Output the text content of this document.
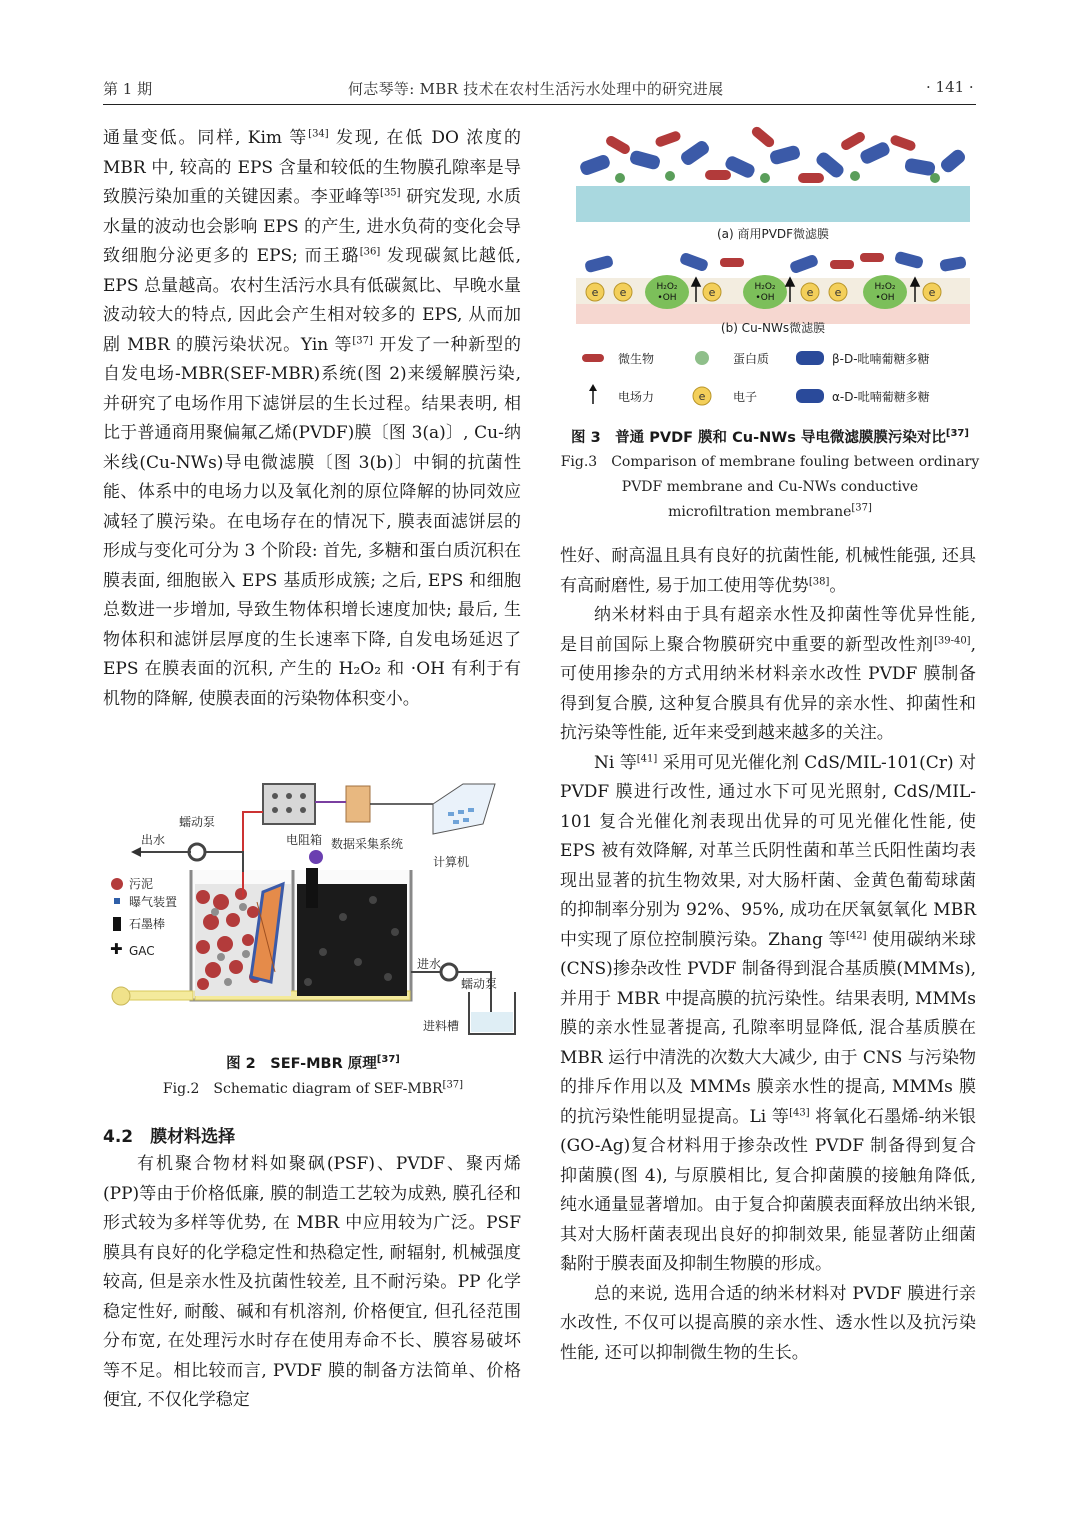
第 1 期	何志琴等: MBR 技术在农村生活污水处理中的研究进展	· 141 ·

通量变低。同样, Kim 等[34] 发现, 在低 DO 浓度的 MBR 中, 较高的 EPS 含量和较低的生物膜孔隙率是导致膜污染加重的关键因素。李亚峰等[35] 研究发现, 水质水量的波动也会影响 EPS 的产生, 进水负荷的变化会导致细胞分泌更多的 EPS; 而王璐[36] 发现碳氮比越低, EPS 总量越高。农村生活污水具有低碳氮比、早晚水量波动较大的特点, 因此会产生相对较多的 EPS, 从而加剧 MBR 的膜污染状况。Yin 等[37] 开发了一种新型的自发电场-MBR(SEF-MBR)系统(图 2)来缓解膜污染, 并研究了电场作用下滤饼层的生长过程。结果表明, 相比于普通商用聚偏氟乙烯(PVDF)膜〔图 3(a)〕, Cu-纳米线(Cu-NWs)导电微滤膜〔图 3(b)〕中铜的抗菌性能、体系中的电场力以及氧化剂的原位降解的协同效应减轻了膜污染。在电场存在的情况下, 膜表面滤饼层的形成与变化可分为 3 个阶段: 首先, 多糖和蛋白质沉积在膜表面, 细胞嵌入 EPS 基质形成簇; 之后, EPS 和细胞总数进一步增加, 导致生物体积增长速度加快; 最后, 生物体积和滤饼层厚度的生长速率下降, 自发电场延迟了 EPS 在膜表面的沉积, 产生的 H₂O₂ 和 ·OH 有利于有机物的降解, 使膜表面的污染物体积变小。

✚
蠕动泵
出水	电阻箱 数据采集系统
计算机
污泥
曝气装置
石墨棒
GAC
进水
蠕动泵
进料槽
图 2　SEF-MBR 原理[37]
Fig.2　Schematic diagram of SEF-MBR[37]
4.2　膜材料选择

有机聚合物材料如聚砜(PSF)、PVDF、聚丙烯(PP)等由于价格低廉, 膜的制造工艺较为成熟, 膜孔径和形式较为多样等优势, 在 MBR 中应用较为广泛。PSF 膜具有良好的化学稳定性和热稳定性, 耐辐射, 机械强度较高, 但是亲水性及抗菌性较差, 且不耐污染。PP 化学稳定性好, 耐酸、碱和有机溶剂, 价格便宜, 但孔径范围分布宽, 在处理污水时存在使用寿命不长、膜容易破坏等不足。相比较而言, PVDF 膜的制备方法简单、价格便宜, 不仅化学稳定

(a) 商用PVDF微滤膜
H₂O₂
•OH
H₂O₂
•OH
H₂O₂
•OH
e e	e	e e	e
(b) Cu-NWs微滤膜
微生物	蛋白质	β-D-吡喃葡糖多糖
电场力	e 电子	α-D-吡喃葡糖多糖
图 3　普通 PVDF 膜和 Cu-NWs 导电微滤膜膜污染对比[37]
Fig.3　Comparison of membrane fouling between ordinary
PVDF membrane and Cu-NWs conductive
microfiltration membrane[37]

性好、耐高温且具有良好的抗菌性能, 机械性能强, 还具有高耐磨性, 易于加工使用等优势[38]。

纳米材料由于具有超亲水性及抑菌性等优异性能, 是目前国际上聚合物膜研究中重要的新型改性剂[39-40], 可使用掺杂的方式用纳米材料亲水改性 PVDF 膜制备得到复合膜, 这种复合膜具有优异的亲水性、抑菌性和抗污染等性能, 近年来受到越来越多的关注。

Ni 等[41] 采用可见光催化剂 CdS/MIL-101(Cr) 对 PVDF 膜进行改性, 通过水下可见光照射, CdS/MIL-101 复合光催化剂表现出优异的可见光催化性能, 使 EPS 被有效降解, 对革兰氏阴性菌和革兰氏阳性菌均表现出显著的抗生物效果, 对大肠杆菌、金黄色葡萄球菌的抑制率分别为 92%、95%, 成功在厌氧氨氧化 MBR 中实现了原位控制膜污染。Zhang 等[42] 使用碳纳米球(CNS)掺杂改性 PVDF 制备得到混合基质膜(MMMs), 并用于 MBR 中提高膜的抗污染性。结果表明, MMMs 膜的亲水性显著提高, 孔隙率明显降低, 混合基质膜在 MBR 运行中清洗的次数大大减少, 由于 CNS 与污染物的排斥作用以及 MMMs 膜亲水性的提高, MMMs 膜的抗污染性能明显提高。Li 等[43] 将氧化石墨烯-纳米银(GO-Ag)复合材料用于掺杂改性 PVDF 制备得到复合抑菌膜(图 4), 与原膜相比, 复合抑菌膜的接触角降低, 纯水通量显著增加。由于复合抑菌膜表面释放出纳米银, 其对大肠杆菌表现出良好的抑制效果, 能显著防止细菌黏附于膜表面及抑制生物膜的形成。

总的来说, 选用合适的纳米材料对 PVDF 膜进行亲水改性, 不仅可以提高膜的亲水性、透水性以及抗污染性能, 还可以抑制微生物的生长。
